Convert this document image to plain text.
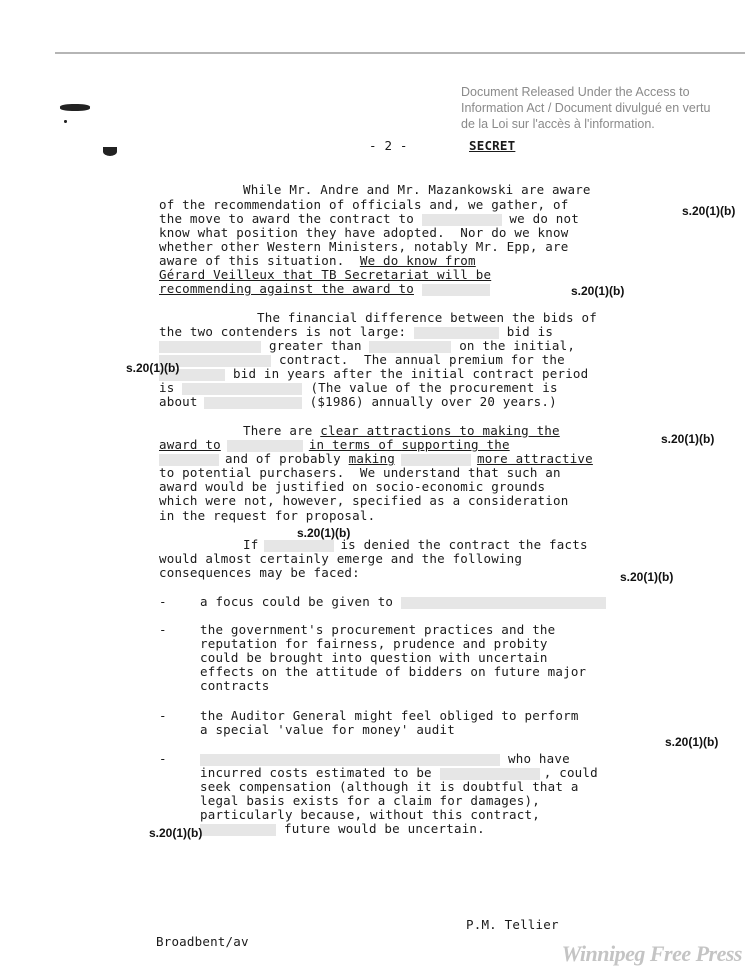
Document Released Under the Access to
Information Act / Document divulgué en vertu
de la Loi sur l'accès à l'information.
- 2 -	SECRET
While Mr. Andre and Mr. Mazankowski are aware
of the recommendation of officials and, we gather, of
the move to award the contract to	we do not
know what position they have adopted.  Nor do we know
whether other Western Ministers, notably Mr. Epp, are
aware of this situation.  We do know from
Gérard Veilleux that TB Secretariat will be
recommending against the award to
s.20(1)(b)
s.20(1)(b)
The financial difference between the bids of
the two contenders is not large:	bid is
greater than	on the initial,
contract.  The annual premium for the
bid in years after the initial contract period
is	(The value of the procurement is
about	($1986) annually over 20 years.)
s.20(1)(b)
There are clear attractions to making the
award to	in terms of supporting the
and of probably making	more attractive
to potential purchasers.  We understand that such an
award would be justified on socio-economic grounds
which were not, however, specified as a consideration
in the request for proposal.
s.20(1)(b)
s.20(1)(b)
If	is denied the contract the facts
would almost certainly emerge and the following
consequences may be faced:	s.20(1)(b)
-	a focus could be given to
-	the government's procurement practices and the
reputation for fairness, prudence and probity
could be brought into question with uncertain
effects on the attitude of bidders on future major
contracts
-	the Auditor General might feel obliged to perform
a special 'value for money' audit
s.20(1)(b)
-	who have
incurred costs estimated to be	, could
seek compensation (although it is doubtful that a
legal basis exists for a claim for damages),
particularly because, without this contract,
future would be uncertain.
s.20(1)(b)
P.M. Tellier
Broadbent/av	Winnipeg Free Press
